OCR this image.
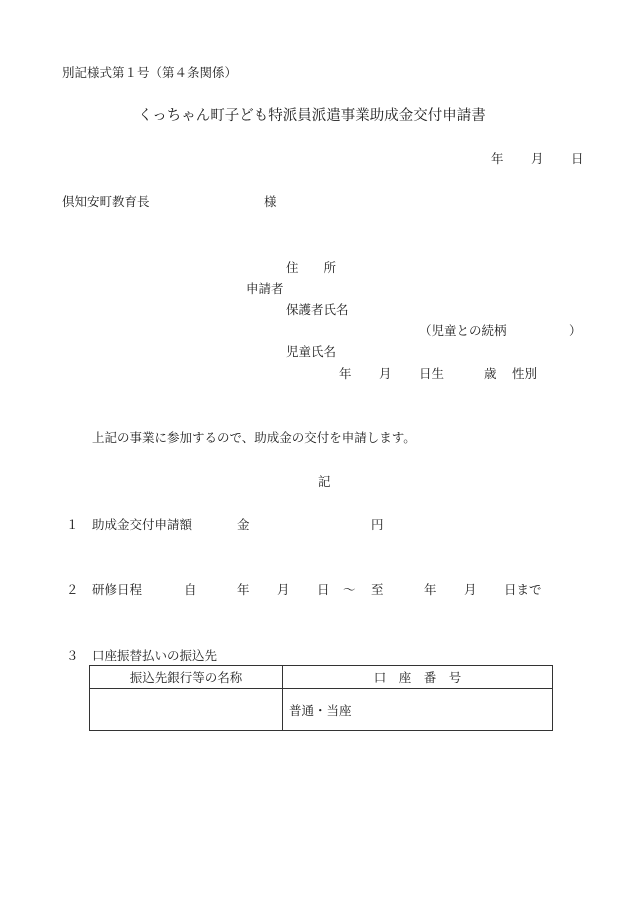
別記様式第１号（第４条関係）
くっちゃん町子ども特派員派遣事業助成金交付申請書
年 月 日
倶知安町教育長	様
住　　所
申請者
保護者氏名
（児童との続柄　　　　　）
児童氏名
年 月 日生	歳 性別
上記の事業に参加するので、助成金の交付を申請します。
記
１ 助成金交付申請額	金	円
２ 研修日程	自	年 月 日 ～ 至	年 月 日まで
３ 口座振替払いの振込先
振込先銀行等の名称	口　座　番　号
	普通・当座
